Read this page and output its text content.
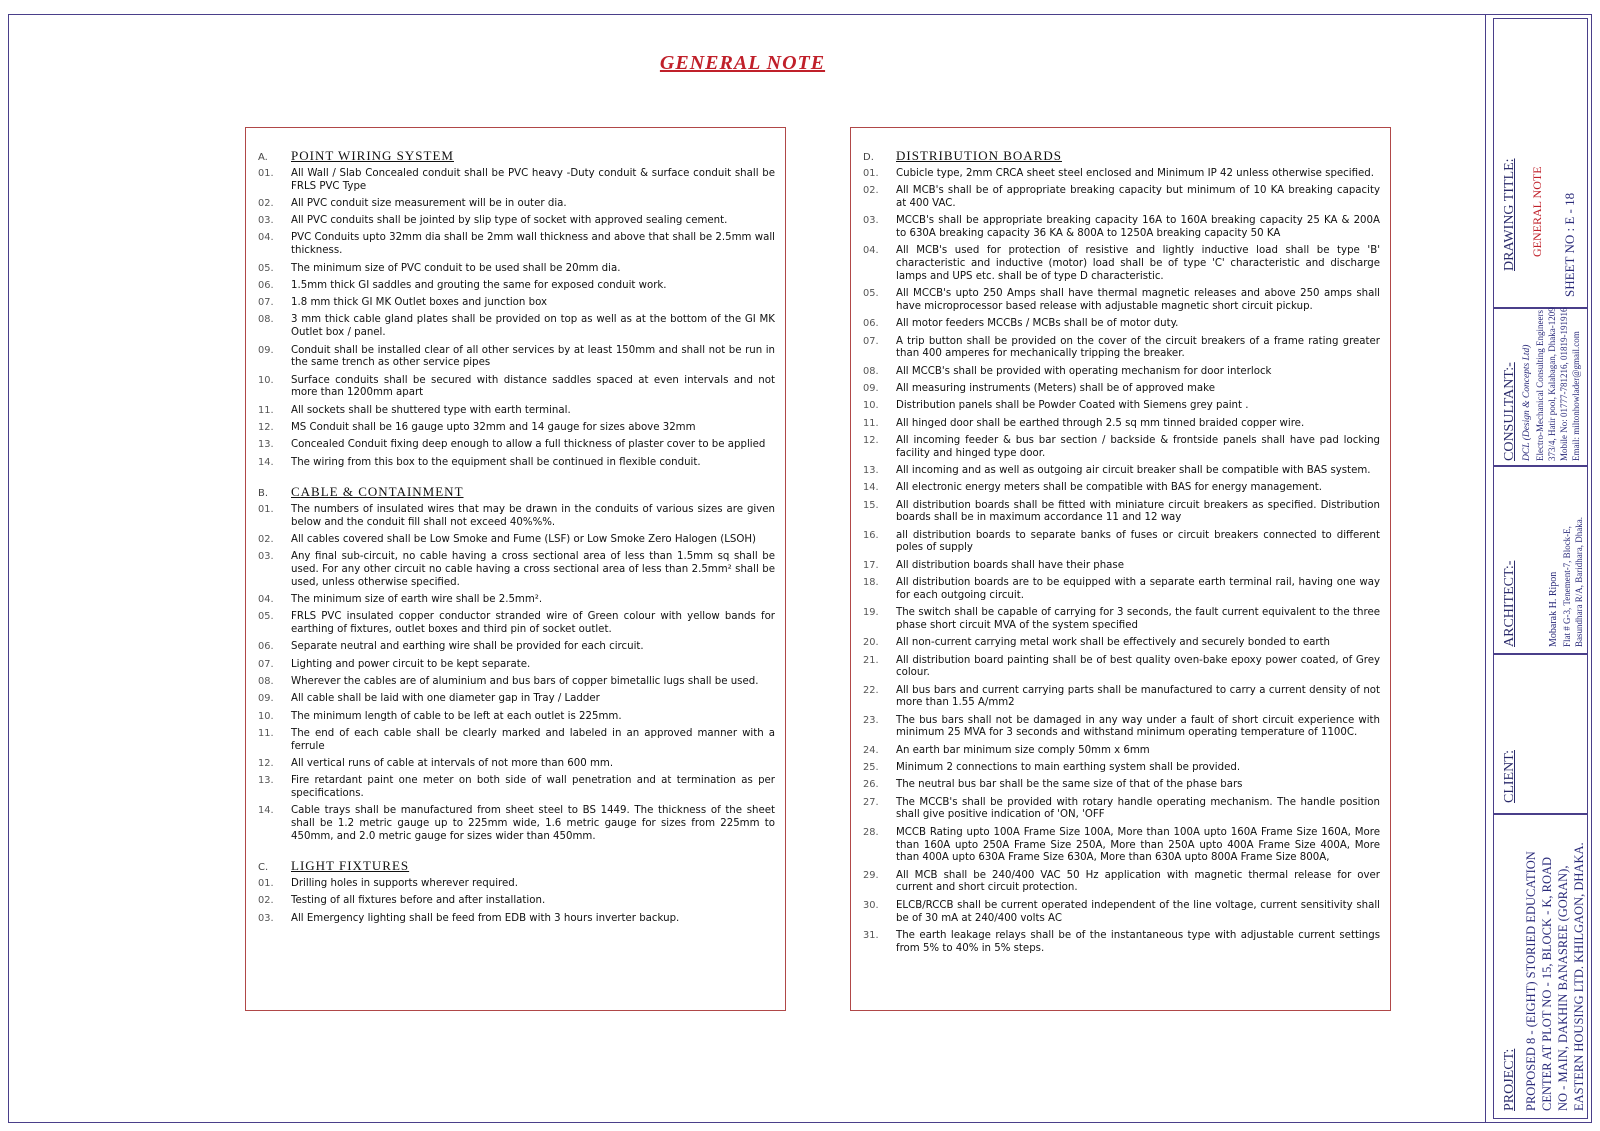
GENERAL NOTE
A.	POINT WIRING SYSTEM
01.	All Wall / Slab Concealed conduit shall be PVC heavy -Duty conduit & surface conduit shall be FRLS PVC Type
02.	All PVC conduit size measurement will be in outer dia.
03.	All PVC conduits shall be jointed by slip type of socket with approved sealing cement.
04.	PVC Conduits upto 32mm dia shall be 2mm wall thickness and above that shall be 2.5mm wall thickness.
05.	The minimum size of PVC conduit to be used shall be 20mm dia.
06.	1.5mm thick GI saddles and grouting the same for exposed conduit work.
07.	1.8 mm thick GI MK Outlet boxes and junction box
08.	3 mm thick cable gland plates shall be provided on top as well as at the bottom of the GI MK Outlet box / panel.
09.	Conduit shall be installed clear of all other services by at least 150mm and shall not be run in the same trench as other service pipes
10.	Surface conduits shall be secured with distance saddles spaced at even intervals and not more than 1200mm apart
11.	All sockets shall be shuttered type with earth terminal.
12.	MS Conduit shall be 16 gauge upto 32mm and 14 gauge for sizes above 32mm
13.	Concealed Conduit fixing deep enough to allow a full thickness of plaster cover to be applied
14.	The wiring from this box to the equipment shall be continued in flexible conduit.
B.	CABLE & CONTAINMENT
01.	The numbers of insulated wires that may be drawn in the conduits of various sizes are given below and the conduit fill shall not exceed 40%%%.
02.	All cables covered shall be Low Smoke and Fume (LSF) or Low Smoke Zero Halogen (LSOH)
03.	Any final sub-circuit, no cable having a cross sectional area of less than 1.5mm sq shall be used. For any other circuit no cable having a cross sectional area of less than 2.5mm² shall be used, unless otherwise specified.
04.	The minimum size of earth wire shall be 2.5mm².
05.	FRLS PVC insulated copper conductor stranded wire of Green colour with yellow bands for earthing of fixtures, outlet boxes and third pin of socket outlet.
06.	Separate neutral and earthing wire shall be provided for each circuit.
07.	Lighting and power circuit to be kept separate.
08.	Wherever the cables are of aluminium and bus bars of copper bimetallic lugs shall be used.
09.	All cable shall be laid with one diameter gap in Tray / Ladder
10.	The minimum length of cable to be left at each outlet is 225mm.
11.	The end of each cable shall be clearly marked and labeled in an approved manner with a ferrule
12.	All vertical runs of cable at intervals of not more than 600 mm.
13.	Fire retardant paint one meter on both side of wall penetration and at termination as per specifications.
14.	Cable trays shall be manufactured from sheet steel to BS 1449. The thickness of the sheet shall be 1.2 metric gauge up to 225mm wide, 1.6 metric gauge for sizes from 225mm to 450mm, and 2.0 metric gauge for sizes wider than 450mm.
C.	LIGHT FIXTURES
01.	Drilling holes in supports wherever required.
02.	Testing of all fixtures before and after installation.
03.	All Emergency lighting shall be feed from EDB with 3 hours inverter backup.
D.	DISTRIBUTION BOARDS
01.	Cubicle type, 2mm CRCA sheet steel enclosed and Minimum IP 42 unless otherwise specified.
02.	All MCB's shall be of appropriate breaking capacity but minimum of 10 KA breaking capacity at 400 VAC.
03.	MCCB's shall be appropriate breaking capacity 16A to 160A breaking capacity 25 KA & 200A to 630A breaking capacity 36 KA & 800A to 1250A breaking capacity 50 KA
04.	All MCB's used for protection of resistive and lightly inductive load shall be type 'B' characteristic and inductive (motor) load shall be of type 'C' characteristic and discharge lamps and UPS etc. shall be of type D characteristic.
05.	All MCCB's upto 250 Amps shall have thermal magnetic releases and above 250 amps shall have microprocessor based release with adjustable magnetic short circuit pickup.
06.	All motor feeders MCCBs / MCBs shall be of motor duty.
07.	A trip button shall be provided on the cover of the circuit breakers of a frame rating greater than 400 amperes for mechanically tripping the breaker.
08.	All MCCB's shall be provided with operating mechanism for door interlock
09.	All measuring instruments (Meters) shall be of approved make
10.	Distribution panels shall be Powder Coated with Siemens grey paint .
11.	All hinged door shall be earthed through 2.5 sq mm tinned braided copper wire.
12.	All incoming feeder & bus bar section / backside & frontside panels shall have pad locking facility and hinged type door.
13.	All incoming and as well as outgoing air circuit breaker shall be compatible with BAS system.
14.	All electronic energy meters shall be compatible with BAS for energy management.
15.	All distribution boards shall be fitted with miniature circuit breakers as specified. Distribution boards shall be in maximum accordance 11 and 12 way
16.	all distribution boards to separate banks of fuses or circuit breakers connected to different poles of supply
17.	All distribution boards shall have their phase
18.	All distribution boards are to be equipped with a separate earth terminal rail, having one way for each outgoing circuit.
19.	The switch shall be capable of carrying for 3 seconds, the fault current equivalent to the three phase short circuit MVA of the system specified
20.	All non-current carrying metal work shall be effectively and securely bonded to earth
21.	All distribution board painting shall be of best quality oven-bake epoxy power coated, of Grey colour.
22.	All bus bars and current carrying parts shall be manufactured to carry a current density of not more than 1.55 A/mm2
23.	The bus bars shall not be damaged in any way under a fault of short circuit experience with minimum 25 MVA for 3 seconds and withstand minimum operating temperature of 1100C.
24.	An earth bar minimum size comply 50mm x 6mm
25.	Minimum 2 connections to main earthing system shall be provided.
26.	The neutral bus bar shall be the same size of that of the phase bars
27.	The MCCB's shall be provided with rotary handle operating mechanism. The handle position shall give positive indication of 'ON, 'OFF
28.	MCCB Rating upto 100A Frame Size 100A, More than 100A upto 160A Frame Size 160A, More than 160A upto 250A Frame Size 250A, More than 250A upto 400A Frame Size 400A, More than 400A upto 630A Frame Size 630A, More than 630A upto 800A Frame Size 800A,
29.	All MCB shall be 240/400 VAC 50 Hz application with magnetic thermal release for over current and short circuit protection.
30.	ELCB/RCCB shall be current operated independent of the line voltage, current sensitivity shall be of 30 mA at 240/400 volts AC
31.	The earth leakage relays shall be of the instantaneous type with adjustable current settings from 5% to 40% in 5% steps.
DRAWING TITLE: GENERAL NOTE SHEET NO : E - 18
CONSULTANT:- DCL (Design & Concepts Ltd) Electro-Mechanical Consulting Engineers 373/4, Hatir pool, Kalabagan, Dhaka-1209 Mobile No: 01777-781216, 01819-191916 Email: miltonhowlader@gmail.com
ARCHITECT:-	Mobarak H. Ripon Flat # G-3, Tenement-7, Block-E, Basundhara R/A, Baridhara, Dhaka.
CLIENT:
PROJECT: PROPOSED 8 - (EIGHT) STORIED EDUCATION CENTER AT PLOT NO - 15, BLOCK - K, ROAD NO - MAIN, DAKHIN BANASREE (GORAN), EASTERN HOUSING LTD. KHILGAON, DHAKA.
